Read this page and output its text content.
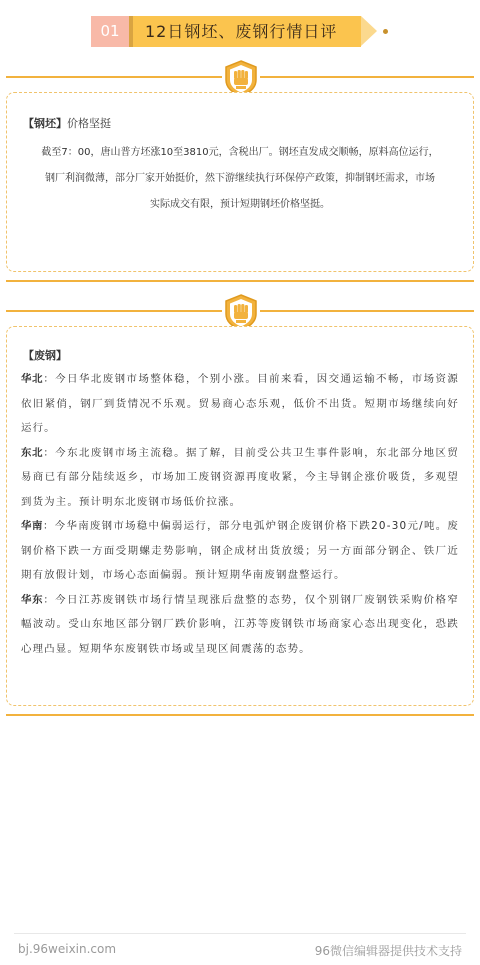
01	12日钢坯、废钢行情日评
【钢坯】价格坚挺
截至7：00，唐山普方坯涨10至3810元，含税出厂。钢坯直发成交顺畅，原料高位运行，
钢厂利润微薄，部分厂家开始挺价，然下游继续执行环保停产政策，抑制钢坯需求，市场
实际成交有限，预计短期钢坯价格坚挺。
【废钢】

华北：今日华北废钢市场整体稳，个别小涨。目前来看，因交通运输不畅，市场资源依旧紧俏，钢厂到货情况不乐观。贸易商心态乐观，低价不出货。短期市场继续向好运行。

东北：今东北废钢市场主流稳。据了解，目前受公共卫生事件影响，东北部分地区贸易商已有部分陆续返乡，市场加工废钢资源再度收紧，今主导钢企涨价吸货，多观望到货为主。预计明东北废钢市场低价拉涨。

华南：今华南废钢市场稳中偏弱运行，部分电弧炉钢企废钢价格下跌20-30元/吨。废钢价格下跌一方面受期螺走势影响，钢企成材出货放缓；另一方面部分钢企、铁厂近期有放假计划，市场心态面偏弱。预计短期华南废钢盘整运行。

华东：今日江苏废钢铁市场行情呈现涨后盘整的态势，仅个别钢厂废钢铁采购价格窄幅波动。受山东地区部分钢厂跌价影响，江苏等废钢铁市场商家心态出现变化，恐跌心理凸显。短期华东废钢铁市场或呈现区间震荡的态势。

bj.96weixin.com	96微信编辑器提供技术支持
